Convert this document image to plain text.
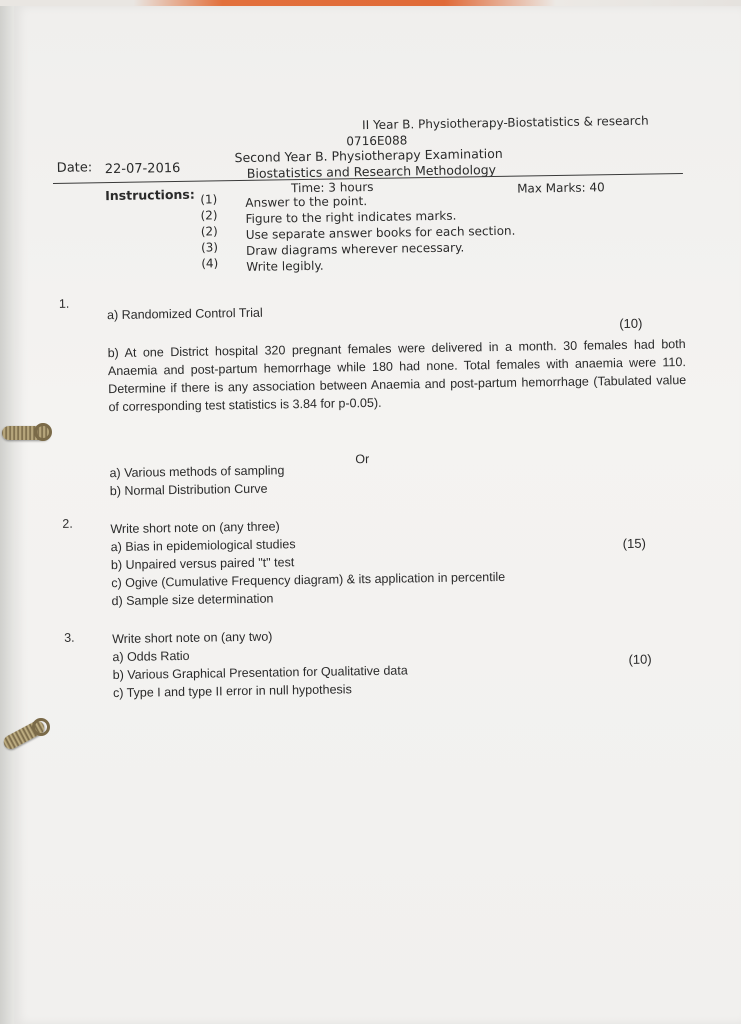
II Year B. Physiotherapy-Biostatistics & research
0716E088
Second Year B. Physiotherapy Examination
Date: 22-07-2016	Biostatistics and Research Methodology
Time: 3 hours	Max Marks: 40
Instructions: (1) Answer to the point.
(2) Figure to the right indicates marks.
(2) Use separate answer books for each section.
(3) Draw diagrams wherever necessary.
(4) Write legibly.
1.
a) Randomized Control Trial
(10)
b) At one District hospital 320 pregnant females were delivered in a month. 30 females had both Anaemia and post-partum hemorrhage while 180 had none. Total females with anaemia were 110. Determine if there is any association between Anaemia and post-partum hemorrhage (Tabulated value of corresponding test statistics is 3.84 for p-0.05).
Or
a) Various methods of sampling
b) Normal Distribution Curve
2.	Write short note on (any three)
a) Bias in epidemiological studies	(15)
b) Unpaired versus paired "t" test
c) Ogive (Cumulative Frequency diagram) & its application in percentile
d) Sample size determination
3.	Write short note on (any two)
a) Odds Ratio	(10)
b) Various Graphical Presentation for Qualitative data
c) Type I and type II error in null hypothesis
